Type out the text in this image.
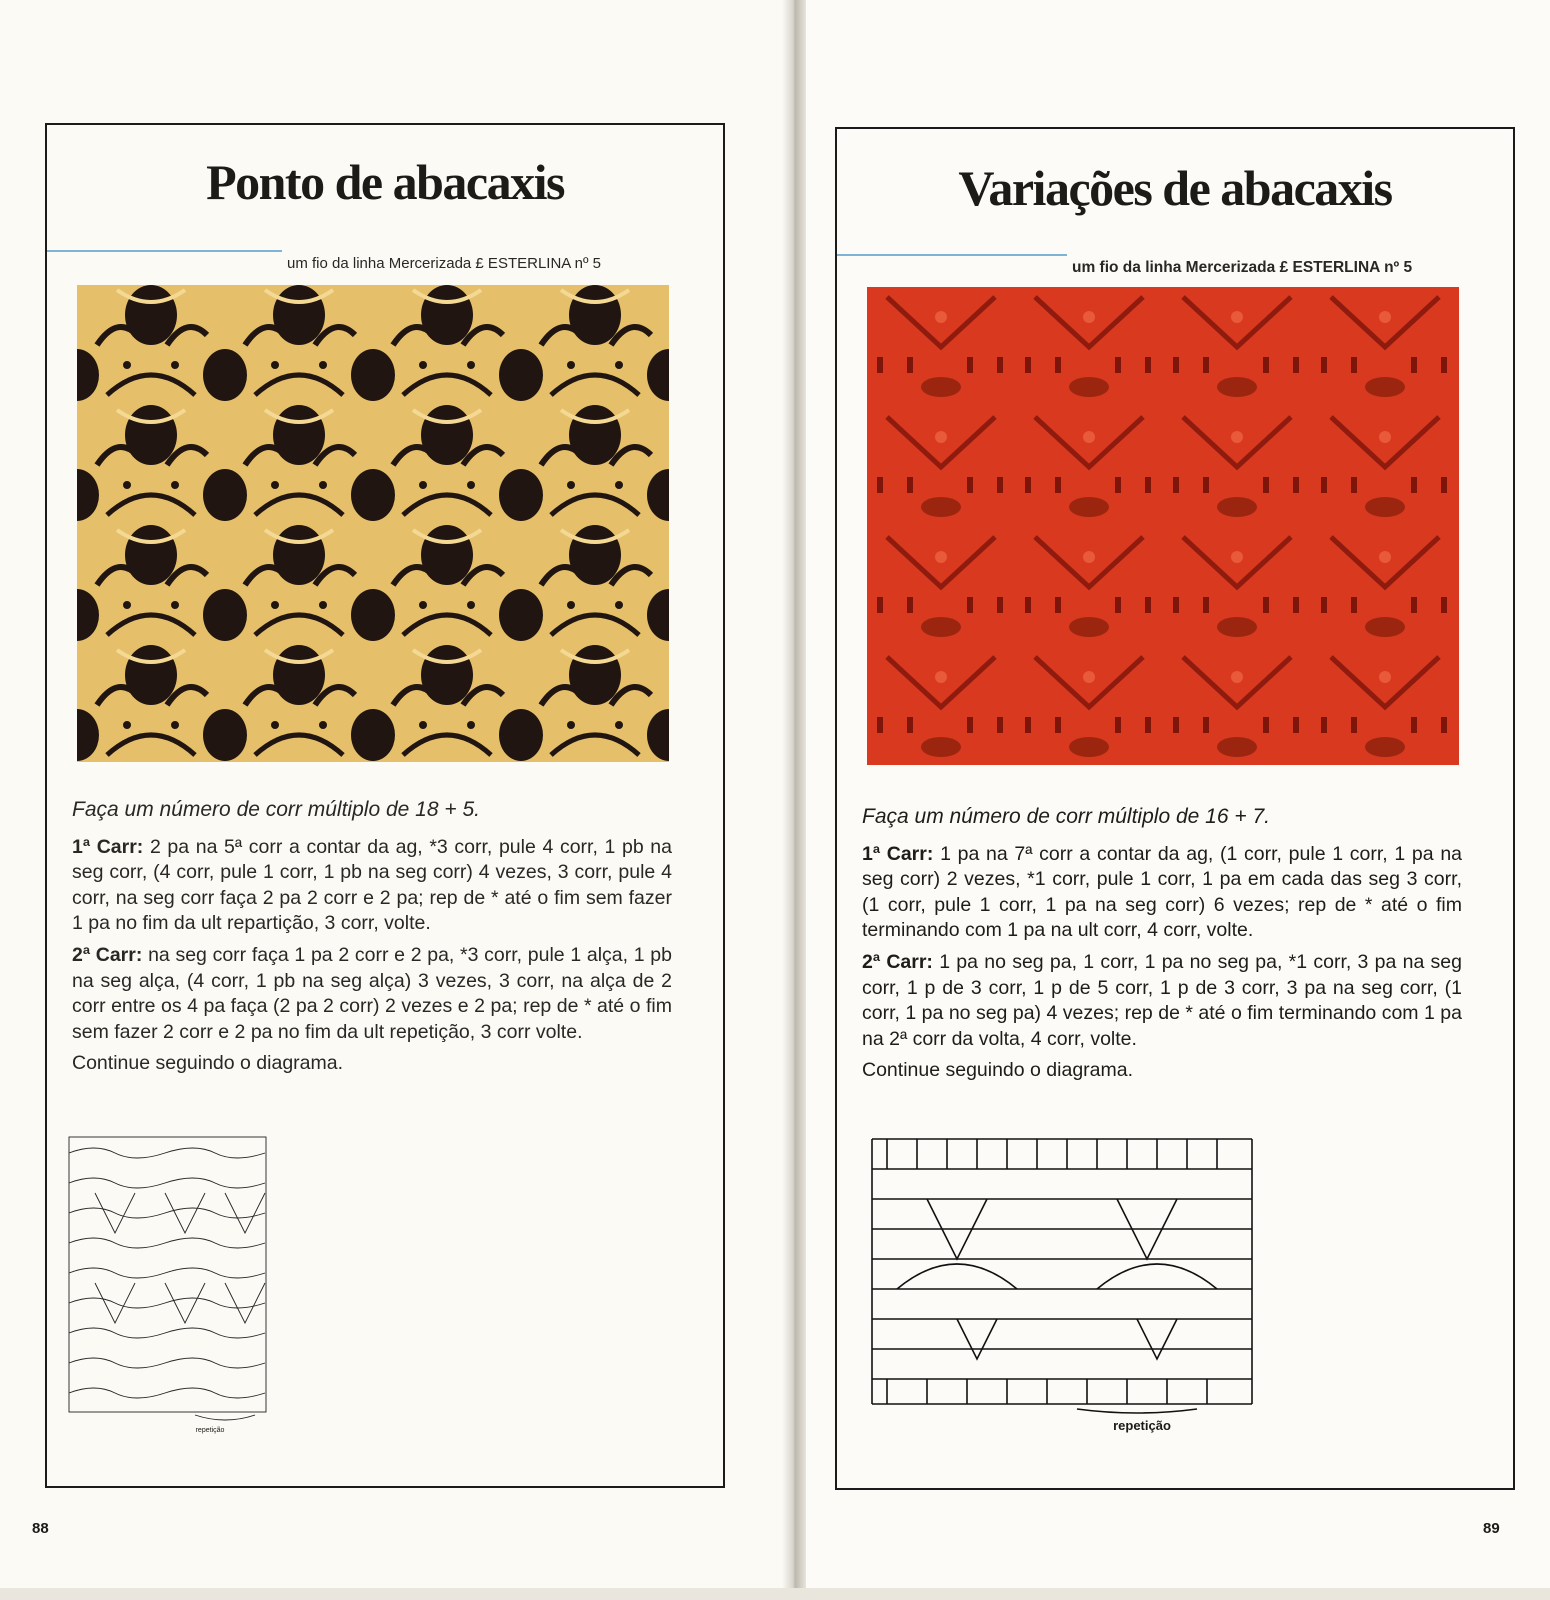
Ponto de abacaxis
um fio da linha Mercerizada £ ESTERLINA nº 5

Faça um número de corr múltiplo de 18 + 5.

1ª Carr: 2 pa na 5ª corr a contar da ag, *3 corr, pule 4 corr, 1 pb na seg corr, (4 corr, pule 1 corr, 1 pb na seg corr) 4 vezes, 3 corr, pule 4 corr, na seg corr faça 2 pa 2 corr e 2 pa; rep de * até o fim sem fazer 1 pa no fim da ult repartição, 3 corr, volte.

2ª Carr: na seg corr faça 1 pa 2 corr e 2 pa, *3 corr, pule 1 alça, 1 pb na seg alça, (4 corr, 1 pb na seg alça) 3 vezes, 3 corr, na alça de 2 corr entre os 4 pa faça (2 pa 2 corr) 2 vezes e 2 pa; rep de * até o fim sem fazer 2 corr e 2 pa no fim da ult repetição, 3 corr volte.

Continue seguindo o diagrama.

repetição
88
Variações de abacaxis
um fio da linha Mercerizada £ ESTERLINA nº 5

Faça um número de corr múltiplo de 16 + 7.

1ª Carr: 1 pa na 7ª corr a contar da ag, (1 corr, pule 1 corr, 1 pa na seg corr) 2 vezes, *1 corr, pule 1 corr, 1 pa em cada das seg 3 corr, (1 corr, pule 1 corr, 1 pa na seg corr) 6 vezes; rep de * até o fim terminando com 1 pa na ult corr, 4 corr, volte.

2ª Carr: 1 pa no seg pa, 1 corr, 1 pa no seg pa, *1 corr, 3 pa na seg corr, 1 p de 3 corr, 1 p de 5 corr, 1 p de 3 corr, 3 pa na seg corr, (1 corr, 1 pa no seg pa) 4 vezes; rep de * até o fim terminando com 1 pa na 2ª corr da volta, 4 corr, volte.

Continue seguindo o diagrama.

repetição
89
